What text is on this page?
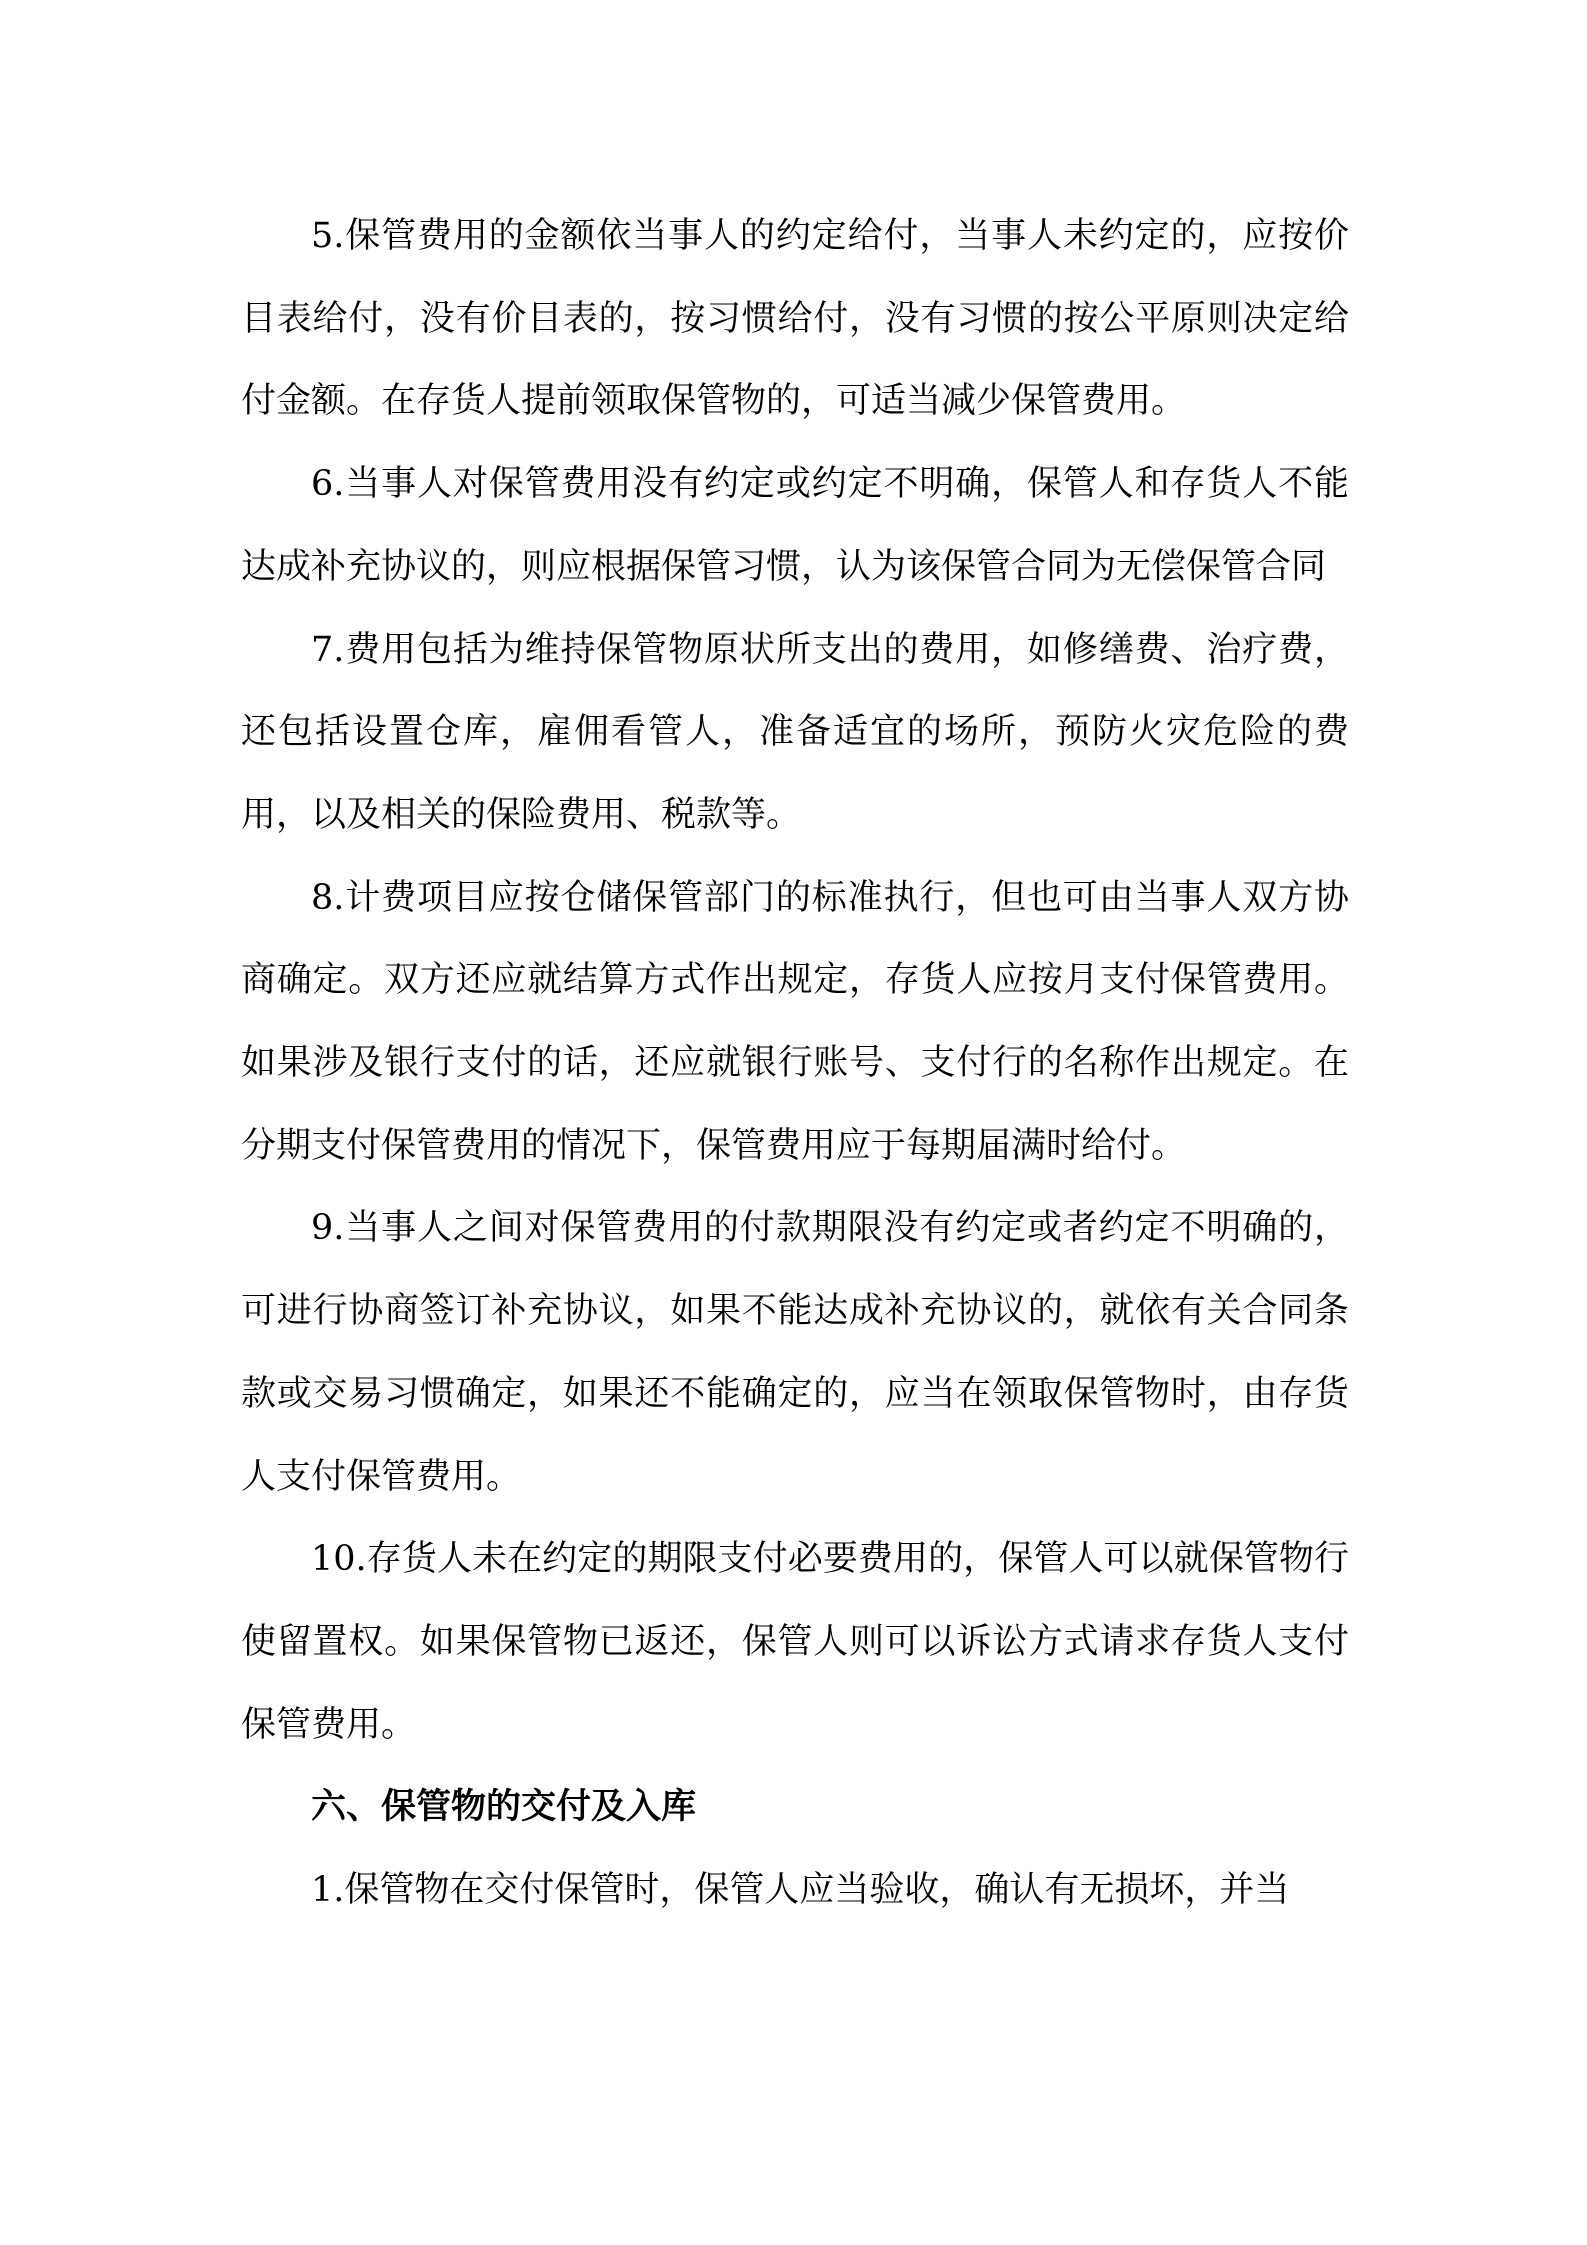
5.保管费用的金额依当事人的约定给付，当事人未约定的，应按价目表给付，没有价目表的，按习惯给付，没有习惯的按公平原则决定给付金额。在存货人提前领取保管物的，可适当减少保管费用。

6.当事人对保管费用没有约定或约定不明确，保管人和存货人不能达成补充协议的，则应根据保管习惯，认为该保管合同为无偿保管合同

7.费用包括为维持保管物原状所支出的费用，如修缮费、治疗费，还包括设置仓库，雇佣看管人，准备适宜的场所，预防火灾危险的费用，以及相关的保险费用、税款等。

8.计费项目应按仓储保管部门的标准执行，但也可由当事人双方协商确定。双方还应就结算方式作出规定，存货人应按月支付保管费用。如果涉及银行支付的话，还应就银行账号、支付行的名称作出规定。在分期支付保管费用的情况下，保管费用应于每期届满时给付。

9.当事人之间对保管费用的付款期限没有约定或者约定不明确的，可进行协商签订补充协议，如果不能达成补充协议的，就依有关合同条款或交易习惯确定，如果还不能确定的，应当在领取保管物时，由存货人支付保管费用。

10.存货人未在约定的期限支付必要费用的，保管人可以就保管物行使留置权。如果保管物已返还，保管人则可以诉讼方式请求存货人支付保管费用。

六、保管物的交付及入库

1.保管物在交付保管时，保管人应当验收，确认有无损坏，并当
